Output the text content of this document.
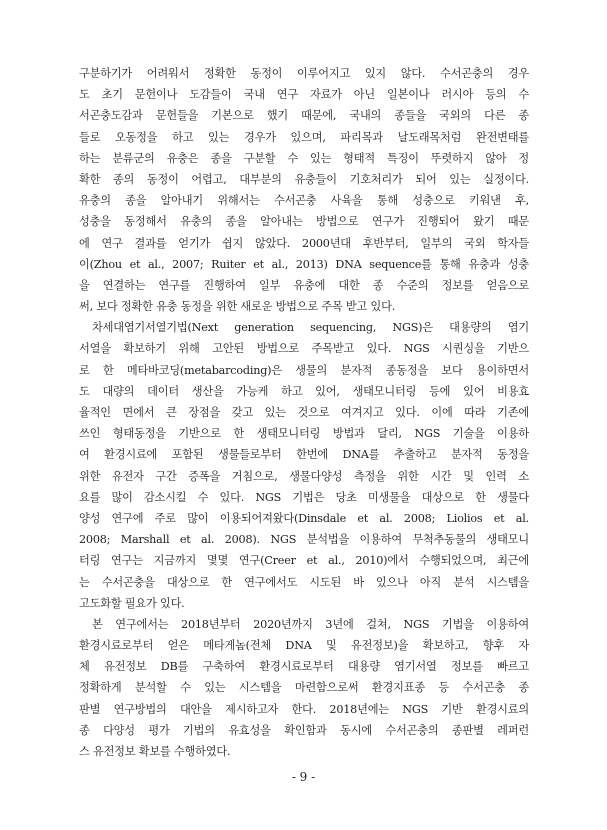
구분하기가 어려워서 정확한 동정이 이루어지고 있지 않다. 수서곤충의 경우
도 초기 문헌이나 도감들이 국내 연구 자료가 아닌 일본이나 러시아 등의 수
서곤충도감과 문헌들을 기본으로 했기 때문에, 국내의 종들을 국외의 다른 종
들로 오동정을 하고 있는 경우가 있으며, 파리목과 날도래목처럼 완전변태를
하는 분류군의 유충은 종을 구분할 수 있는 형태적 특징이 뚜렷하지 않아 정
확한 종의 동정이 어렵고, 대부분의 유충들이 기호처리가 되어 있는 실정이다.
유충의 종을 알아내기 위해서는 수서곤충 사육을 통해 성충으로 키워낸 후,
성충을 동정해서 유충의 종을 알아내는 방법으로 연구가 진행되어 왔기 때문
에 연구 결과를 얻기가 쉽지 않았다. 2000년대 후반부터, 일부의 국외 학자들
이(Zhou et al., 2007; Ruiter et al., 2013) DNA sequence를 통해 유충과 성충
을 연결하는 연구를 진행하여 일부 유충에 대한 종 수준의 정보를 얻음으로
써, 보다 정확한 유충 동정을 위한 새로운 방법으로 주목 받고 있다.
차세대염기서열기법(Next generation sequencing, NGS)은 대용량의 염기
서열을 확보하기 위해 고안된 방법으로 주목받고 있다. NGS 시퀀싱을 기반으
로 한 메타바코딩(metabarcoding)은 생물의 분자적 종동정을 보다 용이하면서
도 대량의 데이터 생산을 가능케 하고 있어, 생태모니터링 등에 있어 비용효
율적인 면에서 큰 장점을 갖고 있는 것으로 여겨지고 있다. 이에 따라 기존에
쓰인 형태동정을 기반으로 한 생태모니터링 방법과 달리, NGS 기술을 이용하
여 환경시료에 포함된 생물들로부터 한번에 DNA를 추출하고 분자적 동정을
위한 유전자 구간 증폭을 거침으로, 생물다양성 측정을 위한 시간 및 인력 소
요를 많이 감소시킬 수 있다. NGS 기법은 당초 미생물을 대상으로 한 생물다
양성 연구에 주로 많이 이용되어져왔다(Dinsdale et al. 2008; Liolios et al.
2008; Marshall et al. 2008). NGS 분석법을 이용하여 무척추동물의 생태모니
터링 연구는 지금까지 몇몇 연구(Creer et al., 2010)에서 수행되었으며, 최근에
는 수서곤충을 대상으로 한 연구에서도 시도된 바 있으나 아직 분석 시스템을
고도화할 필요가 있다.
본 연구에서는 2018년부터 2020년까지 3년에 걸쳐, NGS 기법을 이용하여
환경시료로부터 얻은 메타게놈(전체 DNA 및 유전정보)을 확보하고, 향후 자
체 유전정보 DB를 구축하여 환경시료로부터 대용량 염기서열 정보를 빠르고
정확하게 분석할 수 있는 시스템을 마련함으로써 환경지표종 등 수서곤충 종
판별 연구방법의 대안을 제시하고자 한다. 2018년에는 NGS 기반 환경시료의
종 다양성 평가 기법의 유효성을 확인함과 동시에 수서곤충의 종판별 레퍼런
스 유전정보 확보를 수행하였다.
- 9 -
